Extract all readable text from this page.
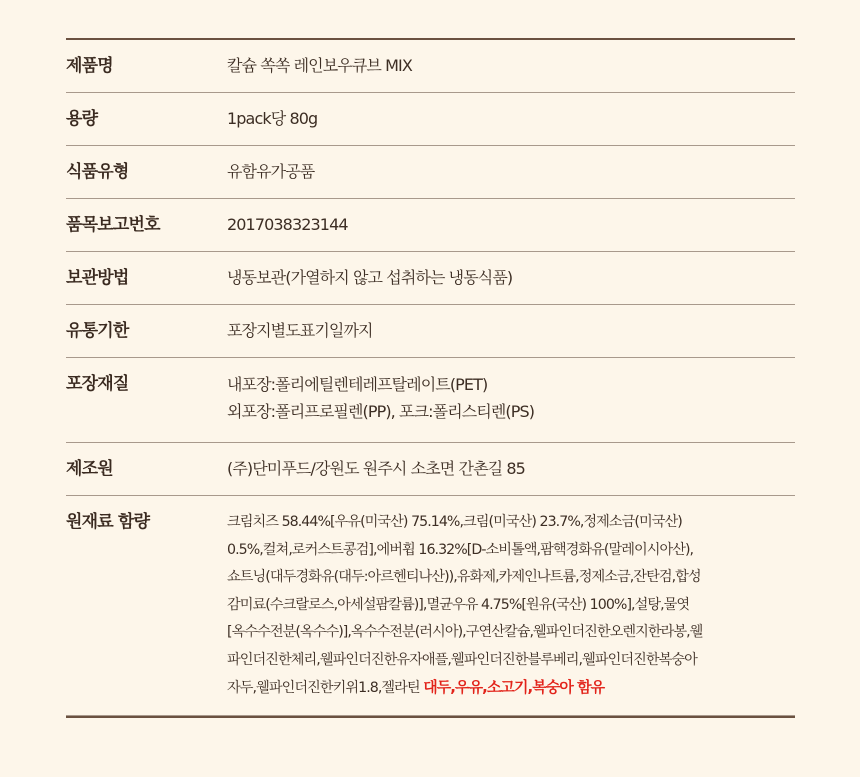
제품명	칼슘 쏙쏙 레인보우큐브 MIX
용량	1pack당 80g
식품유형	유함유가공품
품목보고번호	2017038323144
보관방법	냉동보관(가열하지 않고 섭취하는 냉동식품)
유통기한	포장지별도표기일까지
포장재질	내포장:폴리에틸렌테레프탈레이트(PET)
외포장:폴리프로필렌(PP), 포크:폴리스티렌(PS)
제조원	(주)단미푸드/강원도 원주시 소초면 간촌길 85
원재료 함량	크림치즈 58.44%[우유(미국산) 75.14%,크림(미국산) 23.7%,정제소금(미국산)
0.5%,컬쳐,로커스트콩검],에버휩 16.32%[D-소비톨액,팜핵경화유(말레이시아산),
쇼트닝(대두경화유(대두:아르헨티나산)),유화제,카제인나트륨,정제소금,잔탄검,합성
감미료(수크랄로스,아세설팜칼륨)],멸균우유 4.75%[원유(국산) 100%],설탕,물엿
[옥수수전분(옥수수)],옥수수전분(러시아),구연산칼슘,웰파인더진한오렌지한라봉,웰
파인더진한체리,웰파인더진한유자애플,웰파인더진한블루베리,웰파인더진한복숭아
자두,웰파인더진한키위1.8,젤라틴 대두,우유,소고기,복숭아 함유
